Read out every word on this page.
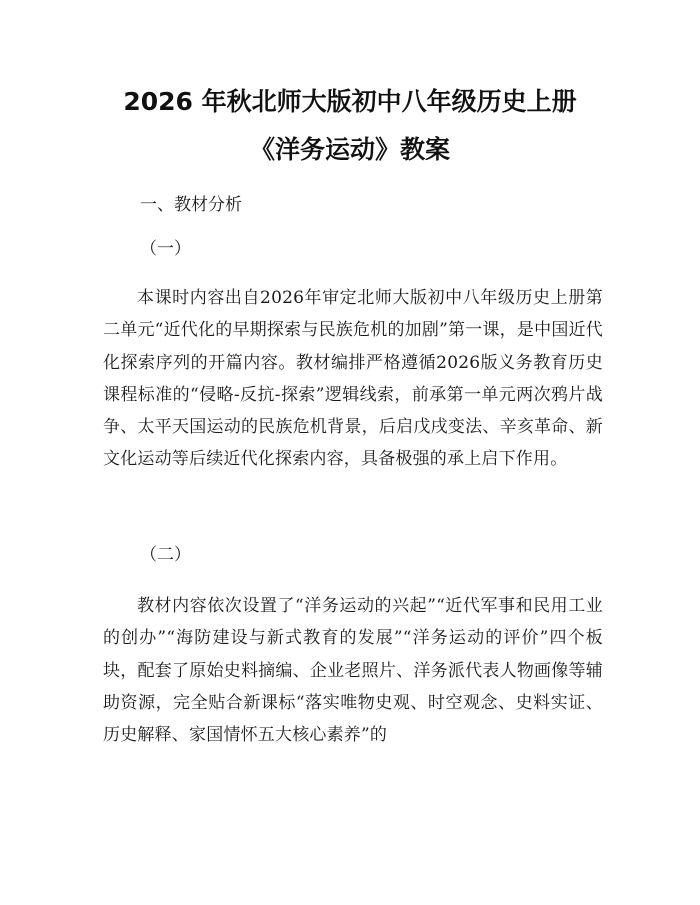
2026 年秋北师大版初中八年级历史上册《洋务运动》教案

一、教材分析

（一）

本课时内容出自2026年审定北师大版初中八年级历史上册第二单元“近代化的早期探索与民族危机的加剧”第一课，是中国近代化探索序列的开篇内容。教材编排严格遵循2026版义务教育历史课程标准的“侵略-反抗-探索”逻辑线索，前承第一单元两次鸦片战争、太平天国运动的民族危机背景，后启戊戌变法、辛亥革命、新文化运动等后续近代化探索内容，具备极强的承上启下作用。

（二）

教材内容依次设置了“洋务运动的兴起”“近代军事和民用工业的创办”“海防建设与新式教育的发展”“洋务运动的评价”四个板块，配套了原始史料摘编、企业老照片、洋务派代表人物画像等辅助资源，完全贴合新课标“落实唯物史观、时空观念、史料实证、历史解释、家国情怀五大核心素养”的
